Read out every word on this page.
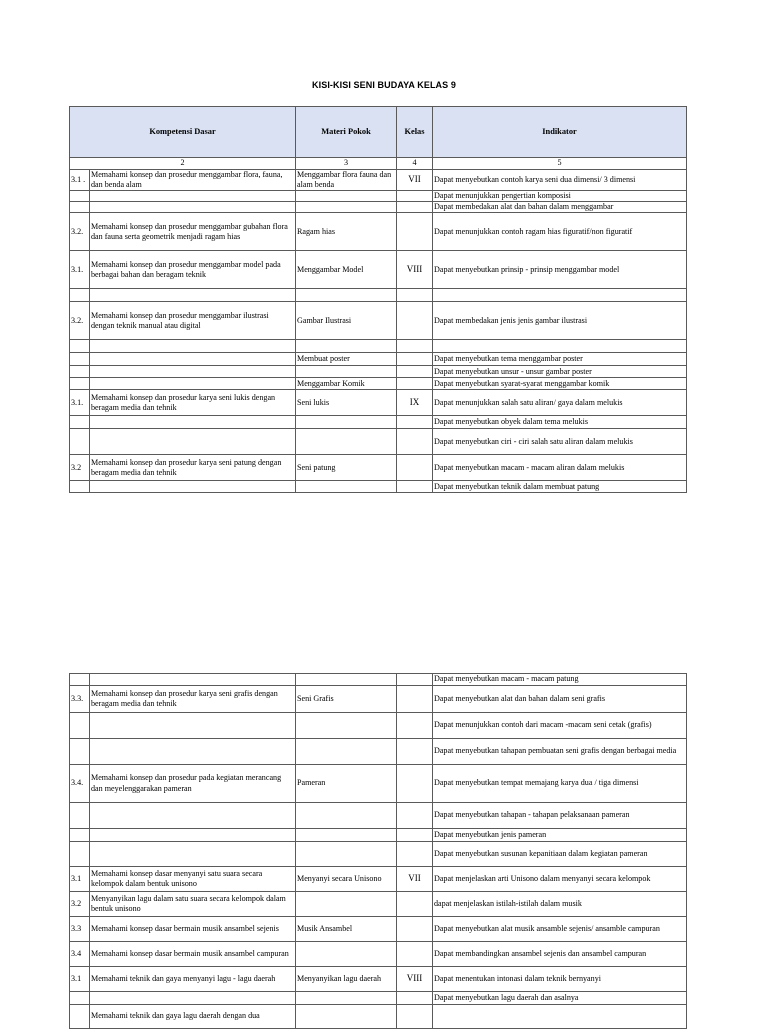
KISI-KISI SENI BUDAYA KELAS 9
Kompetensi Dasar		Materi Pokok	Kelas	Indikator
2		3	4	5
3.1 .	Memahami konsep dan prosedur menggambar flora, fauna, dan benda alam	Menggambar flora fauna dan alam benda	VII	Dapat menyebutkan contoh karya seni dua dimensi/ 3 dimensi
				Dapat menunjukkan pengertian komposisi
				Dapat membedakan alat dan bahan dalam menggambar
3.2.	Memahami konsep dan prosedur menggambar gubahan flora dan fauna serta geometrik menjadi ragam hias	Ragam hias		Dapat menunjukkan contoh ragam hias figuratif/non figuratif
3.1.	Memahami konsep dan prosedur menggambar model pada berbagai bahan dan beragam teknik	Menggambar Model	VIII	Dapat menyebutkan prinsip - prinsip menggambar model

3.2.	Memahami konsep dan prosedur menggambar ilustrasi dengan teknik manual atau digital	Gambar Ilustrasi		Dapat membedakan jenis jenis gambar ilustrasi

		Membuat poster		Dapat menyebutkan tema menggambar poster
				Dapat menyebutkan unsur - unsur gambar poster
		Menggambar Komik		Dapat menyebutkan syarat-syarat menggambar komik
3.1.	Memahami konsep dan prosedur karya seni lukis dengan beragam media dan tehnik	Seni lukis	IX	Dapat menunjukkan salah satu aliran/ gaya dalam melukis
				Dapat menyebutkan obyek dalam tema melukis
				Dapat menyebutkan ciri - ciri salah satu aliran dalam melukis
3.2	Memahami konsep dan prosedur karya seni patung dengan beragam media dan tehnik	Seni patung		Dapat menyebutkan macam - macam aliran dalam melukis
				Dapat menyebutkan teknik dalam membuat patung
				Dapat menyebutkan macam - macam patung
3.3.	Memahami konsep dan prosedur karya seni grafis dengan beragam media dan tehnik	Seni Grafis		Dapat menyebutkan alat dan bahan dalam seni grafis
				Dapat menunjukkan contoh dari macam -macam seni cetak (grafis)
				Dapat menyebutkan tahapan pembuatan seni grafis dengan berbagai media
3.4.	Memahami konsep dan prosedur pada kegiatan merancang dan meyelenggarakan pameran	Pameran		Dapat menyebutkan tempat memajang karya dua / tiga dimensi
				Dapat menyebutkan tahapan - tahapan pelaksanaan pameran
				Dapat menyebutkan jenis pameran
				Dapat menyebutkan susunan kepanitiaan dalam kegiatan pameran
3.1	Memahami konsep dasar menyanyi satu suara secara kelompok dalam bentuk unisono	Menyanyi secara Unisono	VII	Dapat menjelaskan arti Unisono dalam menyanyi secara kelompok
3.2	Menyanyikan lagu dalam satu suara secara kelompok dalam bentuk unisono			dapat menjelaskan istilah-istilah dalam musik
3.3	Memahami konsep dasar bermain musik ansambel sejenis	Musik Ansambel		Dapat menyebutkan alat musik ansamble sejenis/ ansamble campuran
3.4	Memahami konsep dasar bermain musik ansambel campuran			Dapat membandingkan ansambel sejenis dan ansambel campuran
3.1	Memahami teknik dan gaya menyanyi lagu - lagu daerah	Menyanyikan lagu daerah	VIII	Dapat menentukan intonasi dalam teknik bernyanyi
				Dapat menyebutkan lagu daerah dan asalnya
	Memahami teknik dan gaya lagu daerah dengan dua			
